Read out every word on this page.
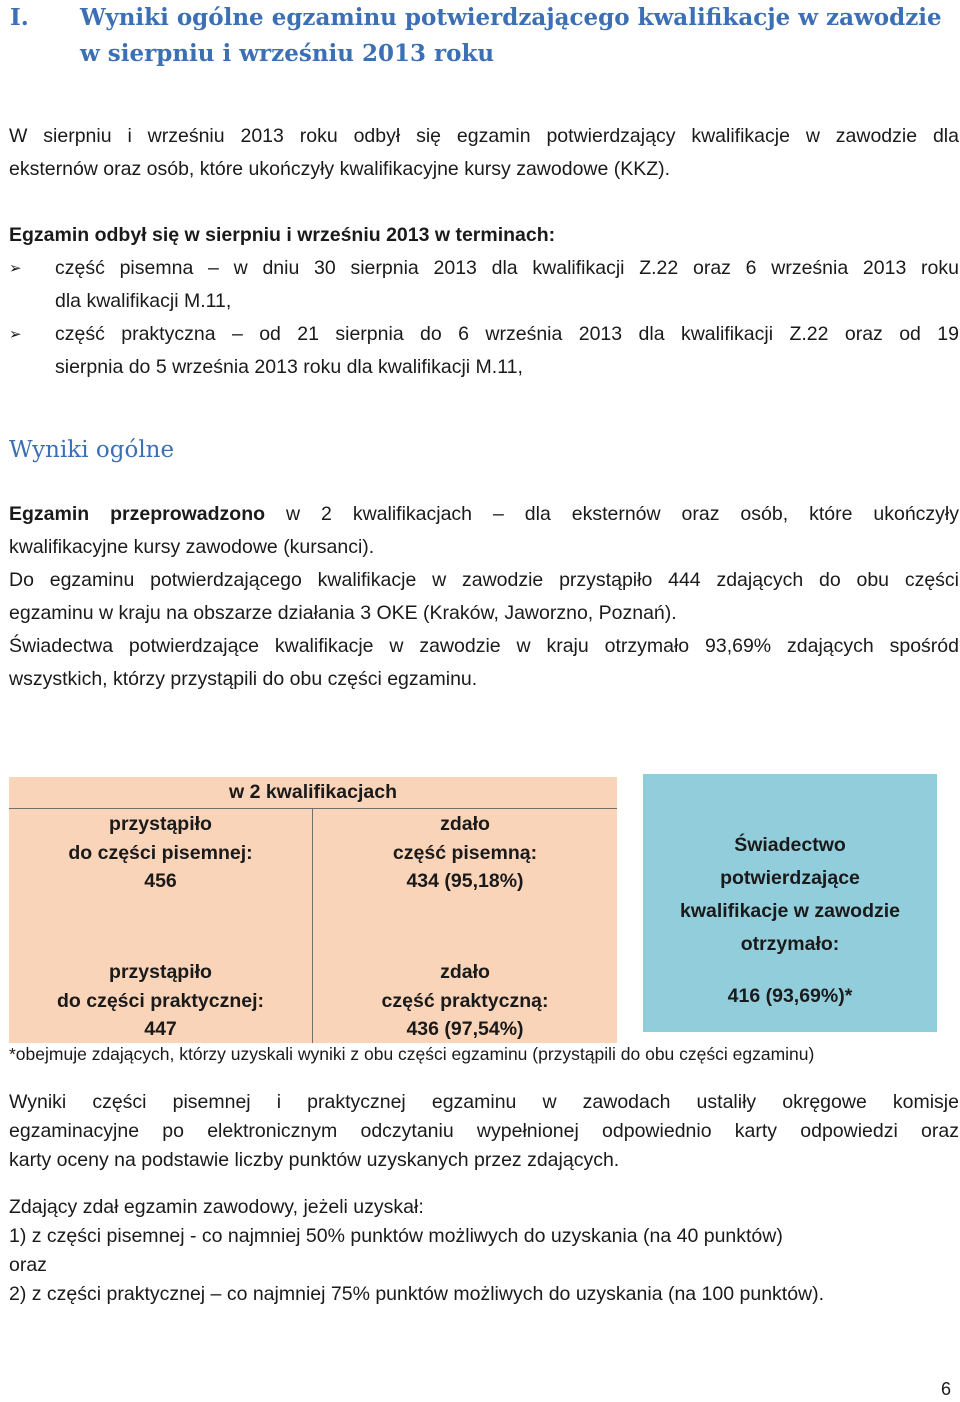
I. Wyniki ogólne egzaminu potwierdzającego kwalifikacje w zawodzie
w sierpniu i wrześniu 2013 roku
W sierpniu i wrześniu 2013 roku odbył się egzamin potwierdzający kwalifikacje w zawodzie dla
eksternów oraz osób, które ukończyły kwalifikacyjne kursy zawodowe (KKZ).
Egzamin odbył się w sierpniu i wrześniu 2013 w terminach:
➢	część pisemna – w dniu 30 sierpnia 2013 dla kwalifikacji Z.22 oraz 6 września 2013 roku
dla kwalifikacji M.11,
➢	część praktyczna – od 21 sierpnia do 6 września 2013 dla kwalifikacji Z.22 oraz od 19
sierpnia do 5 września 2013 roku dla kwalifikacji M.11,
Wyniki ogólne
Egzamin przeprowadzono w 2 kwalifikacjach – dla eksternów oraz osób, które ukończyły
kwalifikacyjne kursy zawodowe (kursanci).
Do egzaminu potwierdzającego kwalifikacje w zawodzie przystąpiło 444 zdających do obu części
egzaminu w kraju na obszarze działania 3 OKE (Kraków, Jaworzno, Poznań).
Świadectwa potwierdzające kwalifikacje w zawodzie w kraju otrzymało 93,69% zdających spośród
wszystkich, którzy przystąpili do obu części egzaminu.
w 2 kwalifikacjach
przystąpiło
do części pisemnej:
456
zdało
część pisemną:
434 (95,18%)
przystąpiło
do części praktycznej:
447
zdało
część praktyczną:
436 (97,54%)
Świadectwo
potwierdzające
kwalifikacje w zawodzie
otrzymało:
416 (93,69%)*
*obejmuje zdających, którzy uzyskali wyniki z obu części egzaminu (przystąpili do obu części egzaminu)
Wyniki części pisemnej i praktycznej egzaminu w zawodach ustaliły okręgowe komisje
egzaminacyjne po elektronicznym odczytaniu wypełnionej odpowiednio karty odpowiedzi oraz
karty oceny na podstawie liczby punktów uzyskanych przez zdających.
Zdający zdał egzamin zawodowy, jeżeli uzyskał:
1) z części pisemnej - co najmniej 50% punktów możliwych do uzyskania (na 40 punktów)
oraz
2) z części praktycznej – co najmniej 75% punktów możliwych do uzyskania (na 100 punktów).
6
